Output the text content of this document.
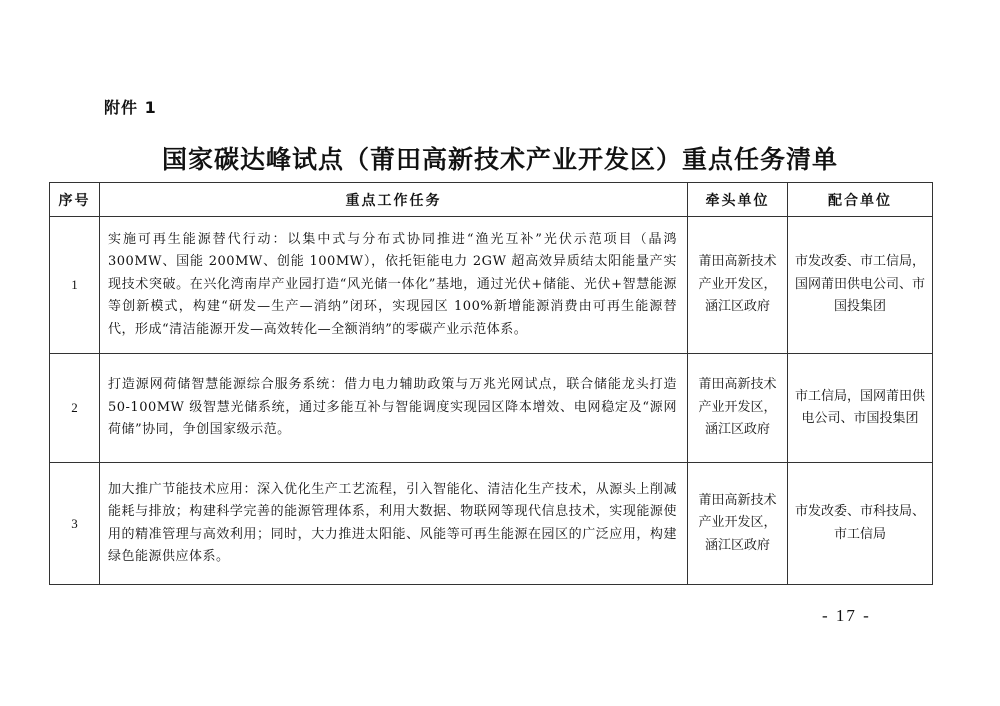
附件 1
国家碳达峰试点（莆田高新技术产业开发区）重点任务清单
序号	重点工作任务	牵头单位	配合单位
1	实施可再生能源替代行动：以集中式与分布式协同推进“渔光互补”光伏示范项目（晶鸿 300MW、国能 200MW、创能 100MW），依托钜能电力 2GW 超高效异质结太阳能量产实现技术突破。在兴化湾南岸产业园打造“风光储一体化”基地，通过光伏+储能、光伏+智慧能源等创新模式，构建“研发—生产—消纳”闭环，实现园区 100%新增能源消费由可再生能源替代，形成“清洁能源开发—高效转化—全额消纳”的零碳产业示范体系。	莆田高新技术产业开发区，涵江区政府	市发改委、市工信局，国网莆田供电公司、市国投集团
2	打造源网荷储智慧能源综合服务系统：借力电力辅助政策与万兆光网试点，联合储能龙头打造 50-100MW 级智慧光储系统，通过多能互补与智能调度实现园区降本增效、电网稳定及“源网荷储”协同，争创国家级示范。	莆田高新技术产业开发区，涵江区政府	市工信局，国网莆田供电公司、市国投集团
3	加大推广节能技术应用：深入优化生产工艺流程，引入智能化、清洁化生产技术，从源头上削减能耗与排放；构建科学完善的能源管理体系，利用大数据、物联网等现代信息技术，实现能源使用的精准管理与高效利用；同时，大力推进太阳能、风能等可再生能源在园区的广泛应用，构建绿色能源供应体系。	莆田高新技术产业开发区，涵江区政府	市发改委、市科技局、市工信局
- 17 -
